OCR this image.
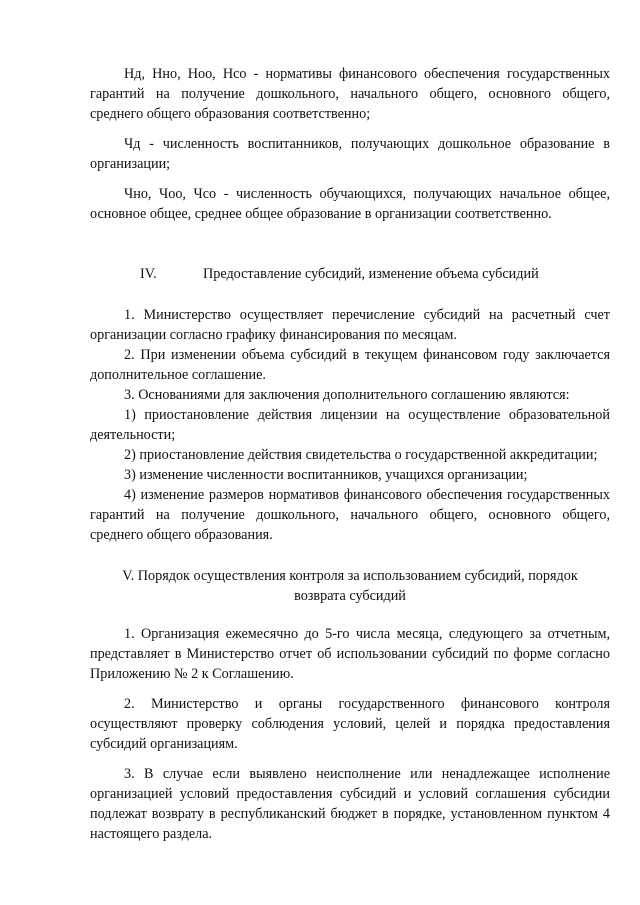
Нд, Нно, Ноо, Нсо - нормативы финансового обеспечения государственных гарантий на получение дошкольного, начального общего, основного общего, среднего общего образования соответственно;

Чд - численность воспитанников, получающих дошкольное образование в организации;

Чно, Чоо, Чсо - численность обучающихся, получающих начальное общее, основное общее, среднее общее образование в организации соответственно.

IV.	Предоставление субсидий, изменение объема субсидий

1. Министерство осуществляет перечисление субсидий на расчетный счет организации согласно графику финансирования по месяцам.

2. При изменении объема субсидий в текущем финансовом году заключается дополнительное соглашение.

3. Основаниями для заключения дополнительного соглашению являются:

1) приостановление действия лицензии на осуществление образовательной деятельности;

2) приостановление действия свидетельства о государственной аккредитации;

3) изменение численности воспитанников, учащихся организации;

4) изменение размеров нормативов финансового обеспечения государственных гарантий на получение дошкольного, начального общего, основного общего, среднего общего образования.

V. Порядок осуществления контроля за использованием субсидий, порядок

возврата субсидий

1. Организация ежемесячно до 5-го числа месяца, следующего за отчетным, представляет в Министерство отчет об использовании субсидий по форме согласно Приложению № 2 к Соглашению.

2. Министерство и органы государственного финансового контроля осуществляют проверку соблюдения условий, целей и порядка предоставления субсидий организациям.

3. В случае если выявлено неисполнение или ненадлежащее исполнение организацией условий предоставления субсидий и условий соглашения субсидии подлежат возврату в республиканский бюджет в порядке, установленном пунктом 4 настоящего раздела.
